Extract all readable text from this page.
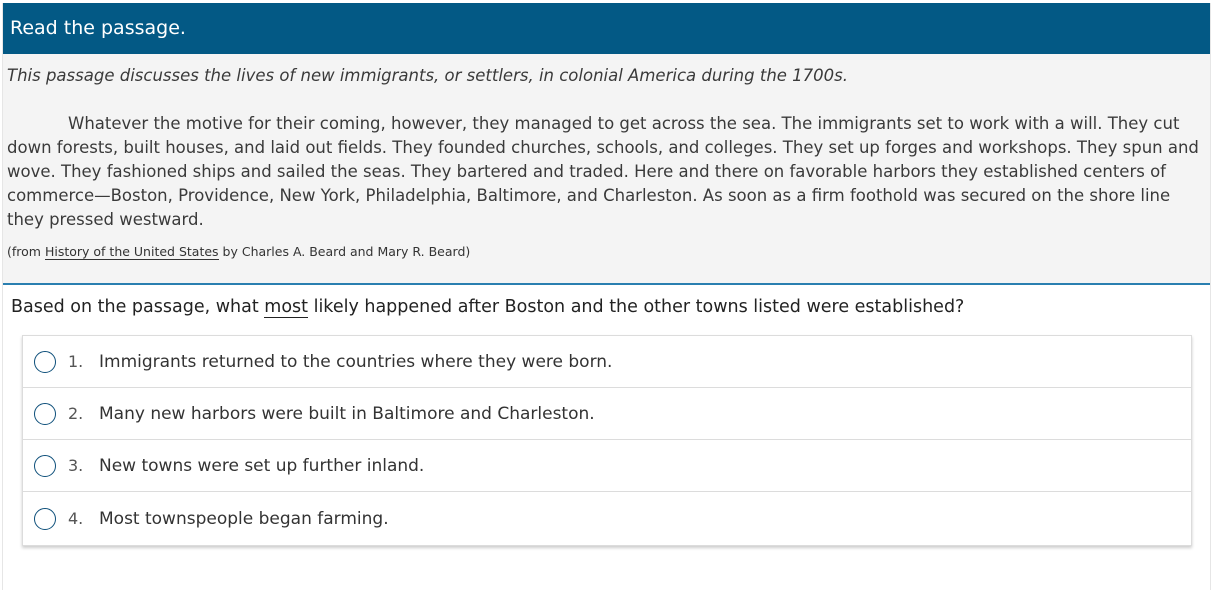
Read the passage.

This passage discusses the lives of new immigrants, or settlers, in colonial America during the 1700s.

Whatever the motive for their coming, however, they managed to get across the sea. The immigrants set to work with a will. They cut down forests, built houses, and laid out fields. They founded churches, schools, and colleges. They set up forges and workshops. They spun and wove. They fashioned ships and sailed the seas. They bartered and traded. Here and there on favorable harbors they established centers of commerce—Boston, Providence, New York, Philadelphia, Baltimore, and Charleston. As soon as a firm foothold was secured on the shore line they pressed westward.

(from History of the United States by Charles A. Beard and Mary R. Beard)
Based on the passage, what most likely happened after Boston and the other towns listed were established?
1. Immigrants returned to the countries where they were born.
2. Many new harbors were built in Baltimore and Charleston.
3. New towns were set up further inland.
4. Most townspeople began farming.
